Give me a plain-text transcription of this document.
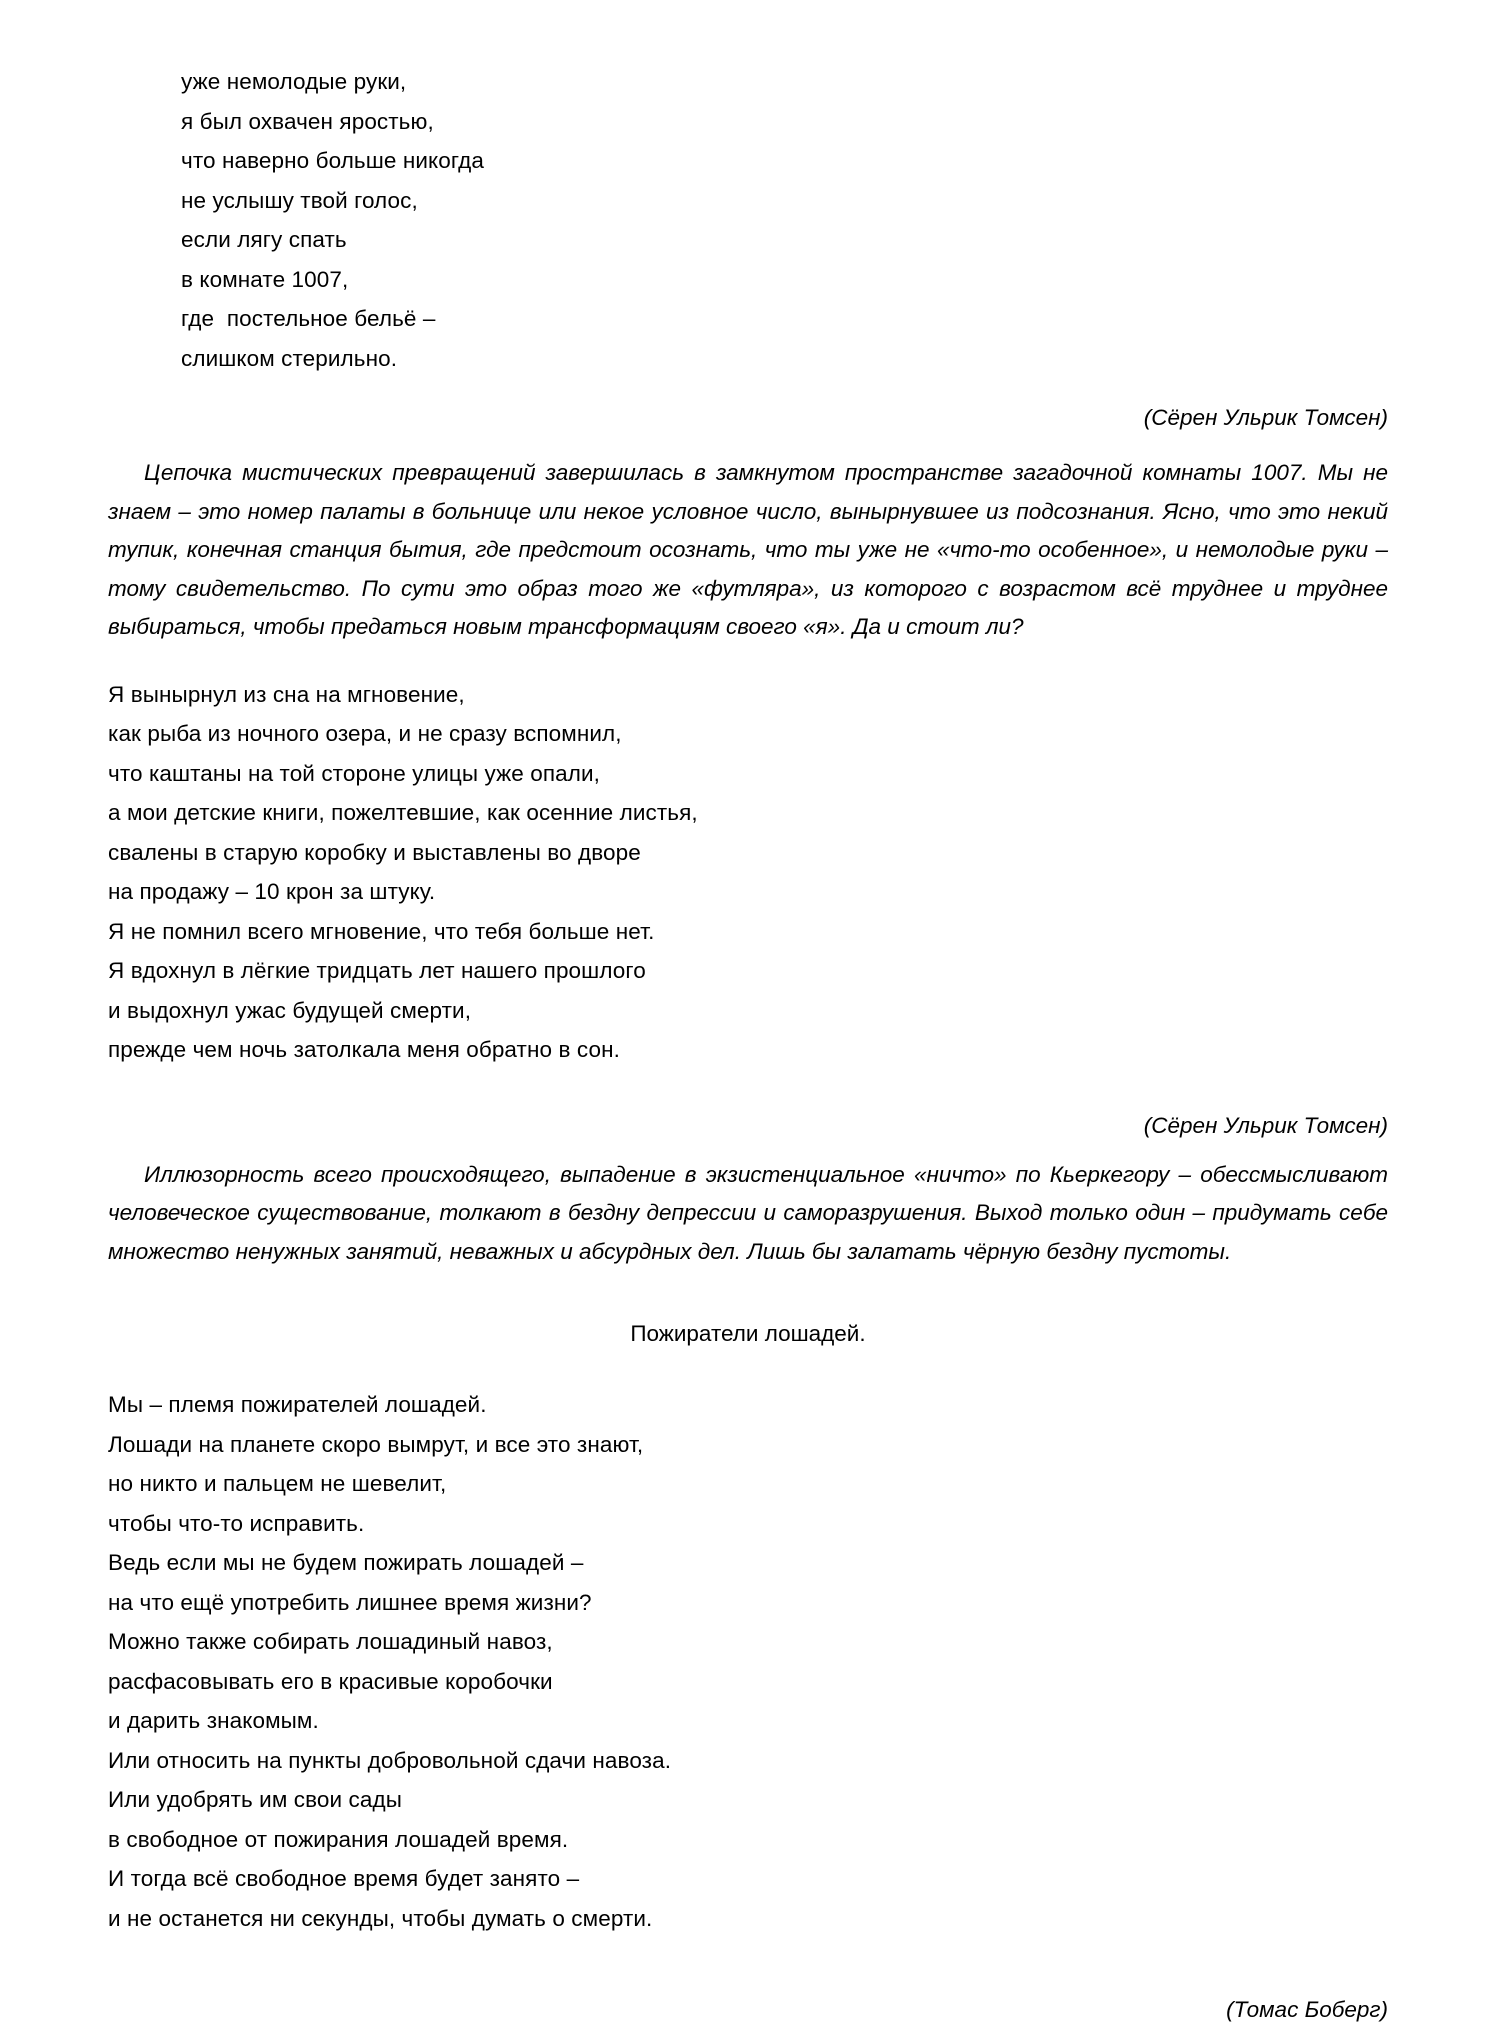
уже немолодые руки,
я был охвачен яростью,
что наверно больше никогда
не услышу твой голос,
если лягу спать
в комнате 1007,
где  постельное бельё –
слишком стерильно.
(Сёрен Ульрик Томсен)

Цепочка мистических превращений завершилась в замкнутом пространстве загадочной комнаты 1007. Мы не знаем – это номер палаты в больнице или некое условное число, вынырнувшее из подсознания. Ясно, что это некий тупик, конечная станция бытия, где предстоит осознать, что ты уже не «что-то особенное», и немолодые руки – тому свидетельство. По сути это образ того же «футляра», из которого с возрастом всё труднее и труднее выбираться, чтобы предаться новым трансформациям своего «я». Да и стоит ли?

Я вынырнул из сна на мгновение,
как рыба из ночного озера, и не сразу вспомнил,
что каштаны на той стороне улицы уже опали,
а мои детские книги, пожелтевшие, как осенние листья,
свалены в старую коробку и выставлены во дворе
на продажу – 10 крон за штуку.
Я не помнил всего мгновение, что тебя больше нет.
Я вдохнул в лёгкие тридцать лет нашего прошлого
и выдохнул ужас будущей смерти,
прежде чем ночь затолкала меня обратно в сон.
(Сёрен Ульрик Томсен)

Иллюзорность всего происходящего, выпадение в экзистенциальное «ничто» по Кьеркегору – обессмысливают человеческое существование, толкают в бездну депрессии и саморазрушения. Выход только один – придумать себе множество ненужных занятий, неважных и абсурдных дел. Лишь бы залатать чёрную бездну пустоты.

Пожиратели лошадей.
Мы – племя пожирателей лошадей.
Лошади на планете скоро вымрут, и все это знают,
но никто и пальцем не шевелит,
чтобы что-то исправить.
Ведь если мы не будем пожирать лошадей –
на что ещё употребить лишнее время жизни?
Можно также собирать лошадиный навоз,
расфасовывать его в красивые коробочки
и дарить знакомым.
Или относить на пункты добровольной сдачи навоза.
Или удобрять им свои сады
в свободное от пожирания лошадей время.
И тогда всё свободное время будет занято –
и не останется ни секунды, чтобы думать о смерти.
(Томас Боберг)
